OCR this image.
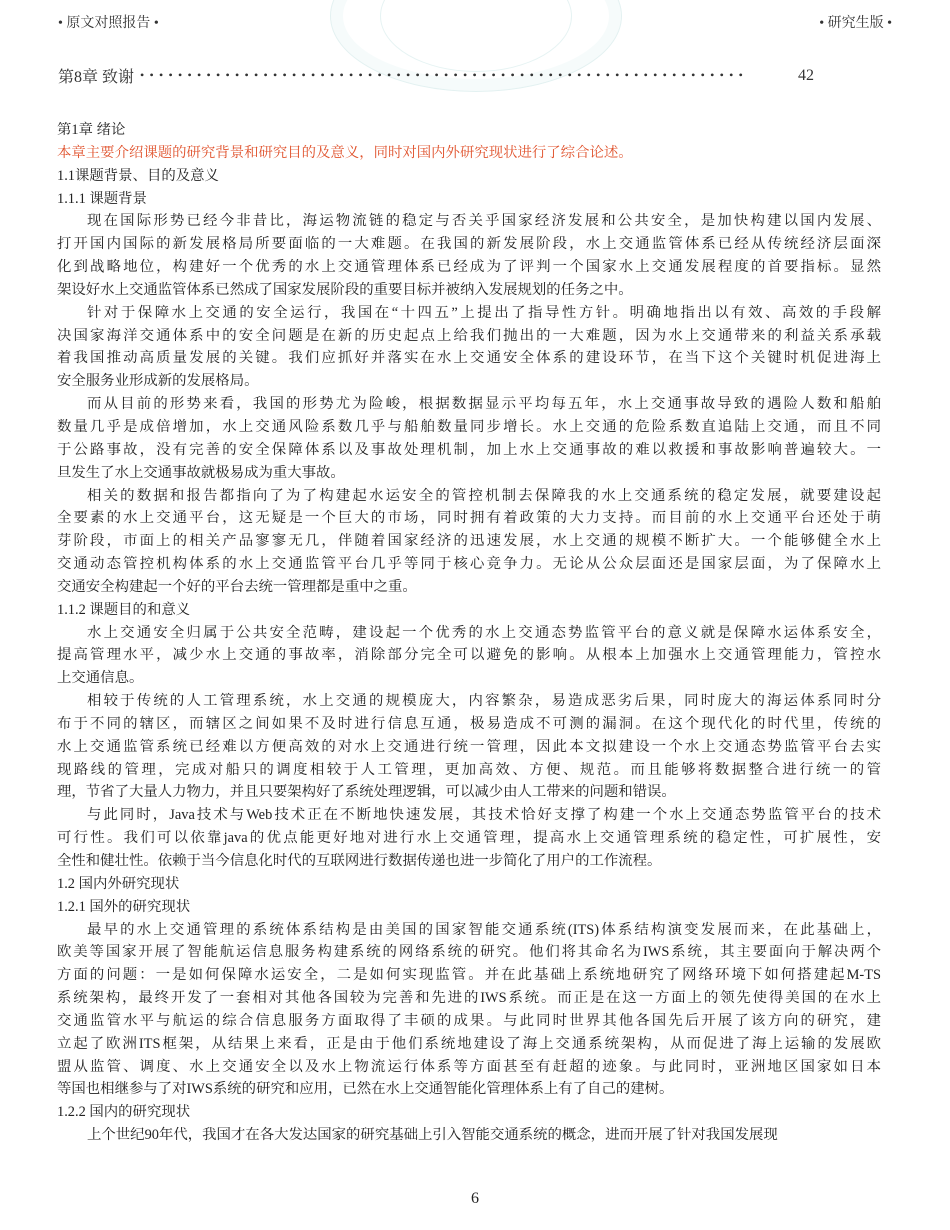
• 原文对照报告 •	• 研究生版 •
第8章 致谢 ••••••••••••••••••••••••••••••••••••••••••••••••••••••••••••••••	42
第1章 绪论
本章主要介绍课题的研究背景和研究目的及意义，同时对国内外研究现状进行了综合论述。
1.1课题背景、目的及意义
1.1.1 课题背景
现在国际形势已经今非昔比，海运物流链的稳定与否关乎国家经济发展和公共安全，是加快构建以国内发展、
打开国内国际的新发展格局所要面临的一大难题。在我国的新发展阶段，水上交通监管体系已经从传统经济层面深
化到战略地位，构建好一个优秀的水上交通管理体系已经成为了评判一个国家水上交通发展程度的首要指标。显然
架设好水上交通监管体系已然成了国家发展阶段的重要目标并被纳入发展规划的任务之中。
针对于保障水上交通的安全运行，我国在“十四五”上提出了指导性方针。明确地指出以有效、高效的手段解
决国家海洋交通体系中的安全问题是在新的历史起点上给我们抛出的一大难题，因为水上交通带来的利益关系承载
着我国推动高质量发展的关键。我们应抓好并落实在水上交通安全体系的建设环节，在当下这个关键时机促进海上
安全服务业形成新的发展格局。
而从目前的形势来看，我国的形势尤为险峻，根据数据显示平均每五年，水上交通事故导致的遇险人数和船舶
数量几乎是成倍增加，水上交通风险系数几乎与船舶数量同步增长。水上交通的危险系数直追陆上交通，而且不同
于公路事故，没有完善的安全保障体系以及事故处理机制，加上水上交通事故的难以救援和事故影响普遍较大。一
旦发生了水上交通事故就极易成为重大事故。
相关的数据和报告都指向了为了构建起水运安全的管控机制去保障我的水上交通系统的稳定发展，就要建设起
全要素的水上交通平台，这无疑是一个巨大的市场，同时拥有着政策的大力支持。而目前的水上交通平台还处于萌
芽阶段，市面上的相关产品寥寥无几，伴随着国家经济的迅速发展，水上交通的规模不断扩大。一个能够健全水上
交通动态管控机构体系的水上交通监管平台几乎等同于核心竞争力。无论从公众层面还是国家层面，为了保障水上
交通安全构建起一个好的平台去统一管理都是重中之重。
1.1.2 课题目的和意义
水上交通安全归属于公共安全范畴，建设起一个优秀的水上交通态势监管平台的意义就是保障水运体系安全，
提高管理水平，减少水上交通的事故率，消除部分完全可以避免的影响。从根本上加强水上交通管理能力，管控水
上交通信息。
相较于传统的人工管理系统，水上交通的规模庞大，内容繁杂，易造成恶劣后果，同时庞大的海运体系同时分
布于不同的辖区，而辖区之间如果不及时进行信息互通，极易造成不可测的漏洞。在这个现代化的时代里，传统的
水上交通监管系统已经难以方便高效的对水上交通进行统一管理，因此本文拟建设一个水上交通态势监管平台去实
现路线的管理，完成对船只的调度相较于人工管理，更加高效、方便、规范。而且能够将数据整合进行统一的管
理，节省了大量人力物力，并且只要架构好了系统处理逻辑，可以减少由人工带来的问题和错误。
与此同时，Java技术与Web技术正在不断地快速发展，其技术恰好支撑了构建一个水上交通态势监管平台的技术
可行性。我们可以依靠java的优点能更好地对进行水上交通管理，提高水上交通管理系统的稳定性，可扩展性，安
全性和健壮性。依赖于当今信息化时代的互联网进行数据传递也进一步简化了用户的工作流程。
1.2 国内外研究现状
1.2.1 国外的研究现状
最早的水上交通管理的系统体系结构是由美国的国家智能交通系统(ITS)体系结构演变发展而来，在此基础上，
欧美等国家开展了智能航运信息服务构建系统的网络系统的研究。他们将其命名为IWS系统，其主要面向于解决两个
方面的问题：一是如何保障水运安全，二是如何实现监管。并在此基础上系统地研究了网络环境下如何搭建起M-TS
系统架构，最终开发了一套相对其他各国较为完善和先进的IWS系统。而正是在这一方面上的领先使得美国的在水上
交通监管水平与航运的综合信息服务方面取得了丰硕的成果。与此同时世界其他各国先后开展了该方向的研究，建
立起了欧洲ITS框架，从结果上来看，正是由于他们系统地建设了海上交通系统架构，从而促进了海上运输的发展欧
盟从监管、调度、水上交通安全以及水上物流运行体系等方面甚至有赶超的迹象。与此同时，亚洲地区国家如日本
等国也相继参与了对IWS系统的研究和应用，已然在水上交通智能化管理体系上有了自己的建树。
1.2.2 国内的研究现状
上个世纪90年代，我国才在各大发达国家的研究基础上引入智能交通系统的概念，进而开展了针对我国发展现
6
